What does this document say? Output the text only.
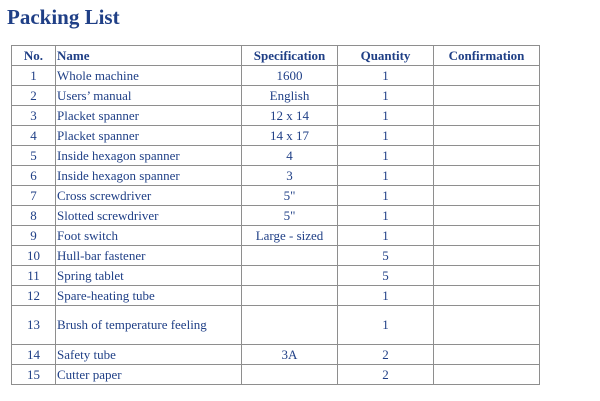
Packing List
No.	Name	Specification	Quantity	Confirmation
1	Whole machine	1600	1	
2	Users’ manual	English	1	
3	Placket spanner	12 x 14	1	
4	Placket spanner	14 x 17	1	
5	Inside hexagon spanner	4	1	
6	Inside hexagon spanner	3	1	
7	Cross screwdriver	5"	1	
8	Slotted screwdriver	5"	1	
9	Foot switch	Large - sized	1	
10	Hull-bar fastener		5	
11	Spring tablet		5	
12	Spare-heating tube		1	
13	Brush of temperature feeling		1	
14	Safety tube	3A	2	
15	Cutter paper		2	
